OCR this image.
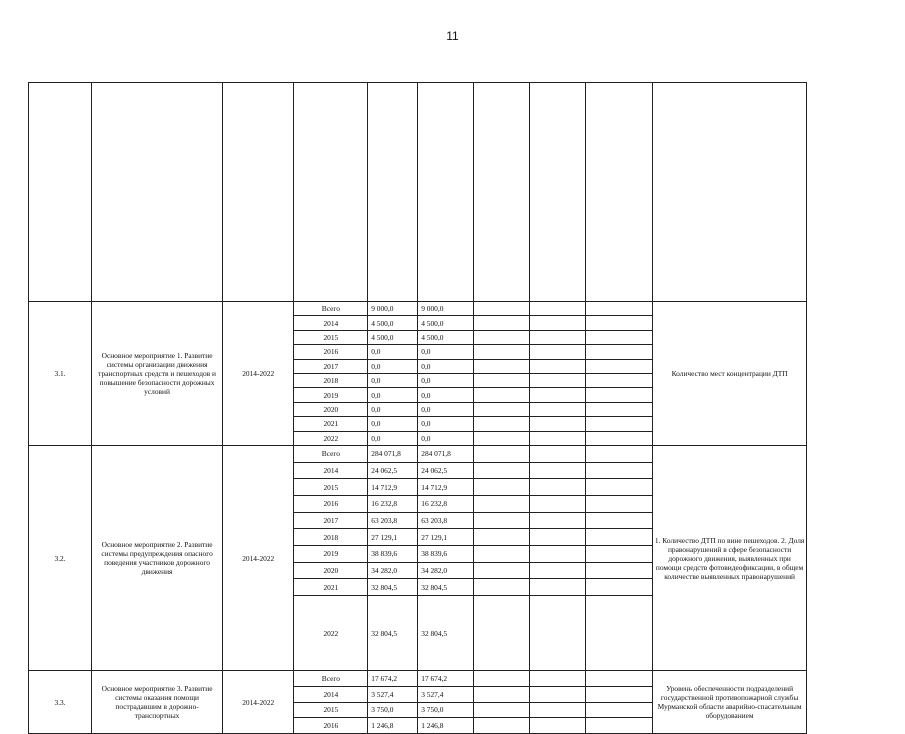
11

3.1.	Основное мероприятие 1. Развитие системы организации движения транспортных средств и пешеходов и повышение безопасности дорожных условий	2014-2022	Всего	9 000,0	9 000,0				Количество мест концентрации ДТП	
			2014	4 500,0	4 500,0					
			2015	4 500,0	4 500,0					
			2016	0,0	0,0					
			2017	0,0	0,0					
			2018	0,0	0,0					
			2019	0,0	0,0					
			2020	0,0	0,0					
			2021	0,0	0,0					
			2022	0,0	0,0					
3.2.	Основное мероприятие 2. Развитие системы предупреждения опасного поведения участников дорожного движения	2014-2022	Всего	284 071,8	284 071,8				1. Количество ДТП по вине пешеходов. 2. Доля правонарушений в сфере безопасности дорожного движения, выявленных при помощи средств фотовидеофиксации, в общем количестве выявленных правонарушений	
			2014	24 062,5	24 062,5					
			2015	14 712,9	14 712,9					
			2016	16 232,8	16 232,8					
			2017	63 203,8	63 203,8					
			2018	27 129,1	27 129,1					
			2019	38 839,6	38 839,6					
			2020	34 282,0	34 282,0					
			2021	32 804,5	32 804,5					
			2022	32 804,5	32 804,5					
3.3.	Основное мероприятие 3. Развитие системы оказания помощи пострадавшим в дорожно-транспортных	2014-2022	Всего	17 674,2	17 674,2				Уровень обеспеченности подразделений государственной противопожарной службы Мурманской области аварийно-спасательным оборудованием	
			2014	3 527,4	3 527,4					
			2015	3 750,0	3 750,0					
			2016	1 246,8	1 246,8					
